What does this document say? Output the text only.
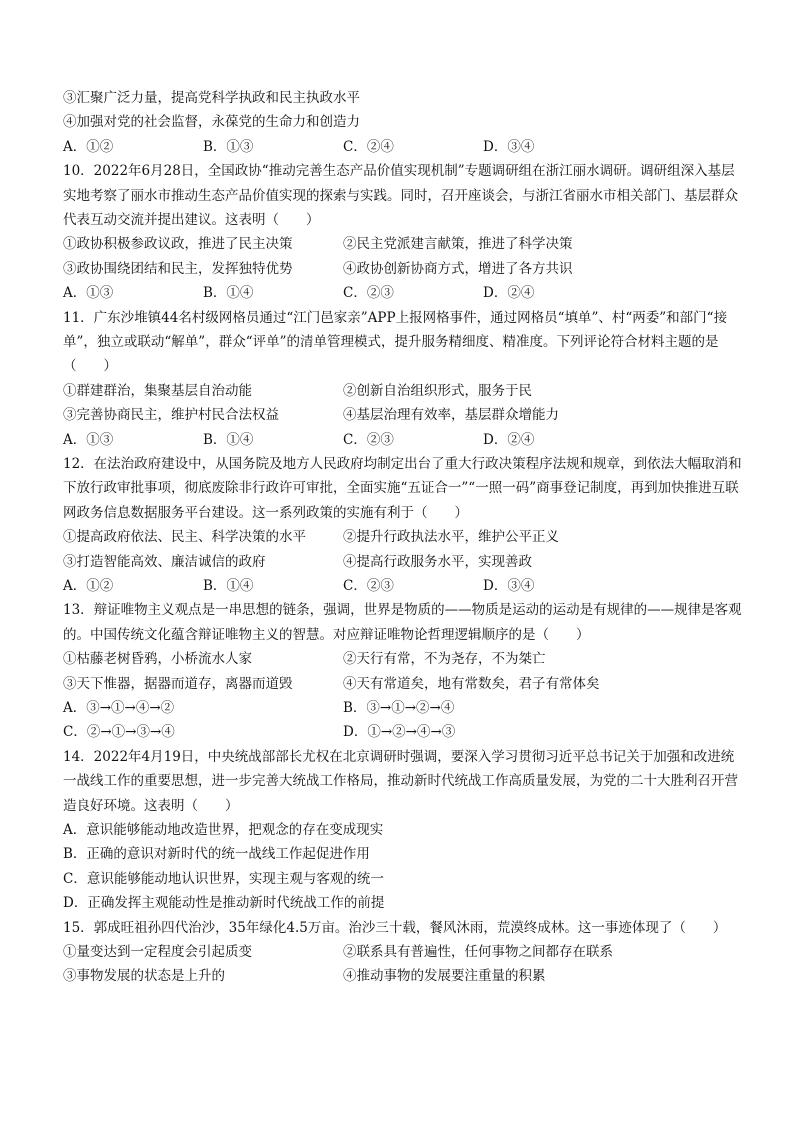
③汇聚广泛力量，提高党科学执政和民主执政水平
④加强对党的社会监督，永葆党的生命力和创造力
A．①②	B．①③	C．②④	D．③④
10．2022年6月28日，全国政协“推动完善生态产品价值实现机制”专题调研组在浙江丽水调研。调研组深入基层实地考察了丽水市推动生态产品价值实现的探索与实践。同时，召开座谈会，与浙江省丽水市相关部门、基层群众代表互动交流并提出建议。这表明（　　）
①政协积极参政议政，推进了民主决策	②民主党派建言献策，推进了科学决策
③政协围绕团结和民主，发挥独特优势	④政协创新协商方式，增进了各方共识
A．①③	B．①④	C．②③	D．②④
11．广东沙堆镇44名村级网格员通过“江门邑家亲”APP上报网格事件，通过网格员“填单”、村“两委”和部门“接单”，独立或联动“解单”，群众“评单”的清单管理模式，提升服务精细度、精准度。下列评论符合材料主题的是（　　）
①群建群治，集聚基层自治动能	②创新自治组织形式，服务于民
③完善协商民主，维护村民合法权益	④基层治理有效率，基层群众增能力
A．①③	B．①④	C．②③	D．②④
12．在法治政府建设中，从国务院及地方人民政府均制定出台了重大行政决策程序法规和规章，到依法大幅取消和下放行政审批事项，彻底废除非行政许可审批，全面实施“五证合一”“一照一码”商事登记制度，再到加快推进互联网政务信息数据服务平台建设。这一系列政策的实施有利于（　　）
①提高政府依法、民主、科学决策的水平	②提升行政执法水平，维护公平正义
③打造智能高效、廉洁诚信的政府	④提高行政服务水平，实现善政
A．①②	B．①④	C．②③	D．③④
13．辩证唯物主义观点是一串思想的链条，强调，世界是物质的——物质是运动的运动是有规律的——规律是客观的。中国传统文化蕴含辩证唯物主义的智慧。对应辩证唯物论哲理逻辑顺序的是（　　）
①枯藤老树昏鸦，小桥流水人家	②天行有常，不为尧存，不为桀亡
③天下惟器，据器而道存，离器而道毁	④天有常道矣，地有常数矣，君子有常体矣
A．③→①→④→②	B．③→①→②→④
C．②→①→③→④	D．①→②→④→③
14．2022年4月19日，中央统战部部长尤权在北京调研时强调，要深入学习贯彻习近平总书记关于加强和改进统一战线工作的重要思想，进一步完善大统战工作格局，推动新时代统战工作高质量发展，为党的二十大胜利召开营造良好环境。这表明（　　）
A．意识能够能动地改造世界，把观念的存在变成现实
B．正确的意识对新时代的统一战线工作起促进作用
C．意识能够能动地认识世界，实现主观与客观的统一
D．正确发挥主观能动性是推动新时代统战工作的前提
15．郭成旺祖孙四代治沙，35年绿化4.5万亩。治沙三十载，餐风沐雨，荒漠终成林。这一事迹体现了（　　）
①量变达到一定程度会引起质变	②联系具有普遍性，任何事物之间都存在联系
③事物发展的状态是上升的	④推动事物的发展要注重量的积累
